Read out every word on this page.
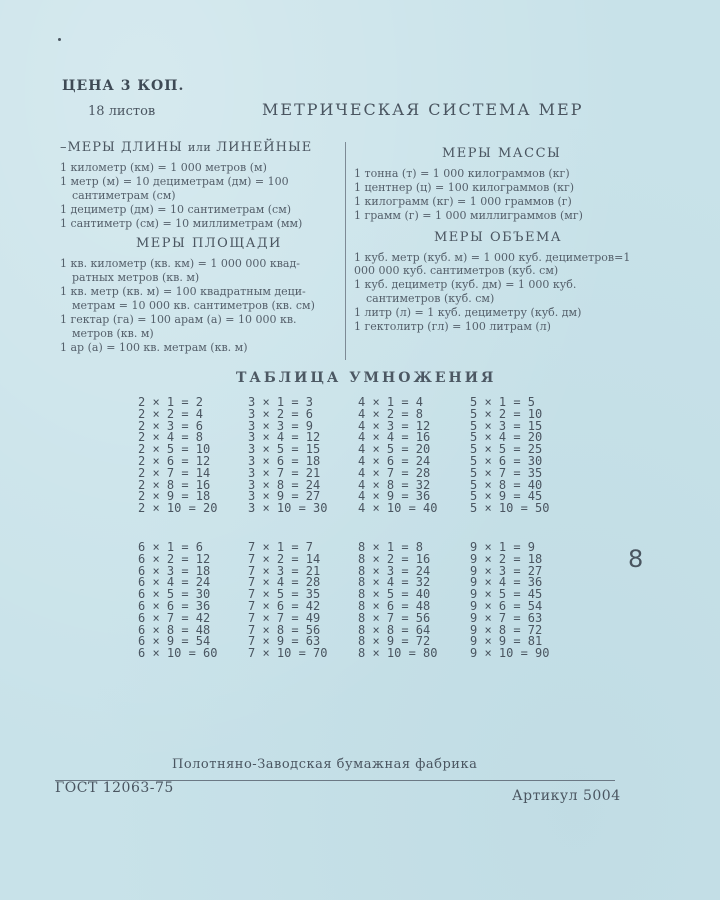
ЦЕНА 3 КОП.
18 листов	МЕТРИЧЕСКАЯ СИСТЕМА МЕР
–МЕРЫ ДЛИНЫ или ЛИНЕЙНЫЕ
1 километр (км) = 1 000 метров (м)
1 метр (м) = 10 дециметрам (дм) = 100
сантиметрам (см)
1 дециметр (дм) = 10 сантиметрам (см)
1 сантиметр (см) = 10 миллиметрам (мм)
МЕРЫ ПЛОЩАДИ
1 кв. километр (кв. км) = 1 000 000 квад-
ратных метров (кв. м)
1 кв. метр (кв. м) = 100 квадратным деци-
метрам = 10 000 кв. сантиметров (кв. см)
1 гектар (га) = 100 арам (а) = 10 000 кв.
метров (кв. м)
1 ар (а) = 100 кв. метрам (кв. м)
МЕРЫ МАССЫ
1 тонна (т) = 1 000 килограммов (кг)
1 центнер (ц) = 100 килограммов (кг)
1 килограмм (кг) = 1 000 граммов (г)
1 грамм (г) = 1 000 миллиграммов (мг)
МЕРЫ ОБЪЕМА
1 куб. метр (куб. м) = 1 000 куб. дециметров=1 000 000 куб. сантиметров (куб. см)
1 куб. дециметр (куб. дм) = 1 000 куб.
сантиметров (куб. см)
1 литр (л) = 1 куб. дециметру (куб. дм)
1 гектолитр (гл) = 100 литрам (л)
ТАБЛИЦА УМНОЖЕНИЯ
2 × 1 = 2
2 × 2 = 4
2 × 3 = 6
2 × 4 = 8
2 × 5 = 10
2 × 6 = 12
2 × 7 = 14
2 × 8 = 16
2 × 9 = 18
2 × 10 = 20
3 × 1 = 3
3 × 2 = 6
3 × 3 = 9
3 × 4 = 12
3 × 5 = 15
3 × 6 = 18
3 × 7 = 21
3 × 8 = 24
3 × 9 = 27
3 × 10 = 30
4 × 1 = 4
4 × 2 = 8
4 × 3 = 12
4 × 4 = 16
4 × 5 = 20
4 × 6 = 24
4 × 7 = 28
4 × 8 = 32
4 × 9 = 36
4 × 10 = 40
5 × 1 = 5
5 × 2 = 10
5 × 3 = 15
5 × 4 = 20
5 × 5 = 25
5 × 6 = 30
5 × 7 = 35
5 × 8 = 40
5 × 9 = 45
5 × 10 = 50
6 × 1 = 6
6 × 2 = 12
6 × 3 = 18
6 × 4 = 24
6 × 5 = 30
6 × 6 = 36
6 × 7 = 42
6 × 8 = 48
6 × 9 = 54
6 × 10 = 60
7 × 1 = 7
7 × 2 = 14
7 × 3 = 21
7 × 4 = 28
7 × 5 = 35
7 × 6 = 42
7 × 7 = 49
7 × 8 = 56
7 × 9 = 63
7 × 10 = 70
8 × 1 = 8
8 × 2 = 16
8 × 3 = 24
8 × 4 = 32
8 × 5 = 40
8 × 6 = 48
8 × 7 = 56
8 × 8 = 64
8 × 9 = 72
8 × 10 = 80
9 × 1 = 9
9 × 2 = 18
9 × 3 = 27
9 × 4 = 36
9 × 5 = 45
9 × 6 = 54
9 × 7 = 63
9 × 8 = 72
9 × 9 = 81
9 × 10 = 90
8
Полотняно-Заводская бумажная фабрика
ГОСТ 12063-75	Артикул 5004
